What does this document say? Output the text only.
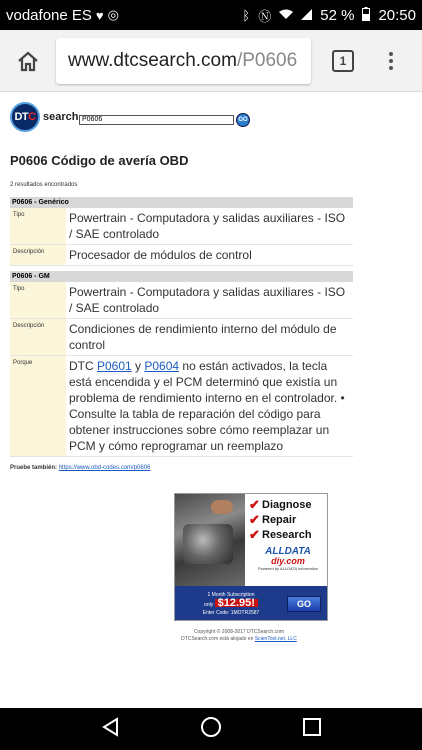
vodafone ES ♥ ◎	ᛒ Ⓝ	52 % 20:50
www.dtcsearch.com /P0606	1
DT C search P0606	GO
P0606 Código de avería OBD
2 resultados encontrados
P0606 - Genérico
Tipo	Powertrain - Computadora y salidas auxiliares - ISO / SAE controlado
Descripción	Procesador de módulos de control
P0606 - GM
Tipo	Powertrain - Computadora y salidas auxiliares - ISO / SAE controlado
Descripción	Condiciones de rendimiento interno del módulo de control
Porque	DTC P0601 y P0604 no están activados, la tecla está encendida y el PCM determinó que existía un problema de rendimiento interno en el controlador. • Consulte la tabla de reparación del código para obtener instrucciones sobre cómo reemplazar un PCM y cómo reprogramar un reemplazo
Pruebe también: https://www.obd-codes.com/p0606
✔ Diagnose
✔ Repair
✔ Research
ALLDATA
diy.com
Powered by ALLDATA Information
1 Month Subscription
only $12.95!
Enter Code: 1MOTR2587
GO
Copyright © 2008-2017 DTCSearch.com
DTCSearch.com está alojado en ScienTool.net, LLC
